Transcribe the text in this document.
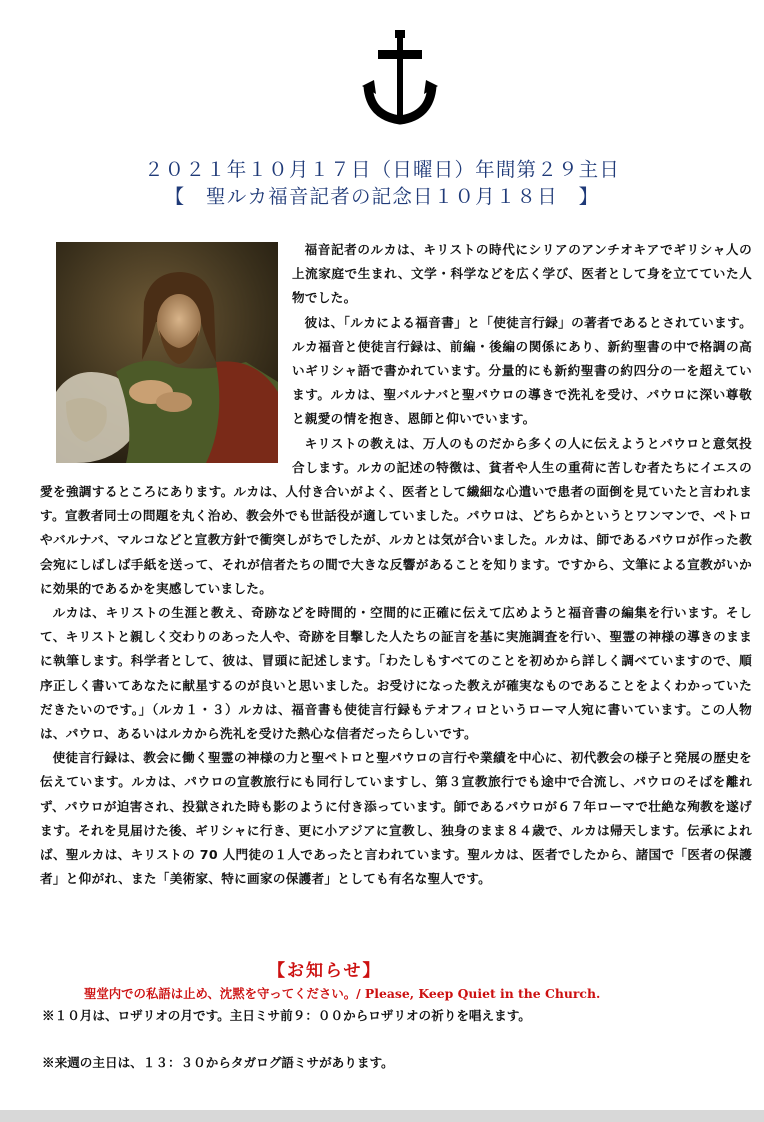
２０２１年１０月１７日（日曜日）年間第２９主日
【　聖ルカ福音記者の記念日１０月１８日　】

福音記者のルカは、キリストの時代にシリアのアンチオキアでギリシャ人の上流家庭で生まれ、文学・科学などを広く学び、医者として身を立てていた人物でした。

彼は、「ルカによる福音書」と「使徒言行録」の著者であるとされています。ルカ福音と使徒言行録は、前編・後編の関係にあり、新約聖書の中で格調の高いギリシャ語で書かれています。分量的にも新約聖書の約四分の一を超えています。ルカは、聖バルナバと聖パウロの導きで洗礼を受け、パウロに深い尊敬と親愛の情を抱き、恩師と仰いでいます。

キリストの教えは、万人のものだから多くの人に伝えようとパウロと意気投合します。ルカの記述の特徴は、貧者や人生の重荷に苦しむ者たちにイエスの愛を強調するところにあります。ルカは、人付き合いがよく、医者として繊細な心遣いで患者の面倒を見ていたと言われます。宣教者同士の問題を丸く治め、教会外でも世話役が適していました。パウロは、どちらかというとワンマンで、ペトロやバルナバ、マルコなどと宣教方針で衝突しがちでしたが、ルカとは気が合いました。ルカは、師であるパウロが作った教会宛にしばしば手紙を送って、それが信者たちの間で大きな反響があることを知ります。ですから、文筆による宣教がいかに効果的であるかを実感していました。

ルカは、キリストの生涯と教え、奇跡などを時間的・空間的に正確に伝えて広めようと福音書の編集を行います。そして、キリストと親しく交わりのあった人や、奇跡を目撃した人たちの証言を基に実施調査を行い、聖霊の神様の導きのままに執筆します。科学者として、彼は、冒頭に記述します。「わたしもすべてのことを初めから詳しく調べていますので、順序正しく書いてあなたに献星するのが良いと思いました。お受けになった教えが確実なものであることをよくわかっていただきたいのです。」（ルカ１・３）ルカは、福音書も使徒言行録もテオフィロというローマ人宛に書いています。この人物は、パウロ、あるいはルカから洗礼を受けた熱心な信者だったらしいです。

使徒言行録は、教会に働く聖霊の神様の力と聖ペトロと聖パウロの言行や業績を中心に、初代教会の様子と発展の歴史を伝えています。ルカは、パウロの宣教旅行にも同行していますし、第３宣教旅行でも途中で合流し、パウロのそばを離れず、パウロが迫害され、投獄された時も影のように付き添っています。師であるパウロが６７年ローマで壮絶な殉教を遂げます。それを見届けた後、ギリシャに行き、更に小アジアに宣教し、独身のまま８４歳で、ルカは帰天します。伝承によれば、聖ルカは、キリストの 70 人門徒の１人であったと言われています。聖ルカは、医者でしたから、諸国で「医者の保護者」と仰がれ、また「美術家、特に画家の保護者」としても有名な聖人です。

【お知らせ】
聖堂内での私語は止め、沈黙を守ってください。/ Please, Keep Quiet in the Church.
※１０月は、ロザリオの月です。主日ミサ前９：００からロザリオの祈りを唱えます。
※来週の主日は、１３：３０からタガログ語ミサがあります。
